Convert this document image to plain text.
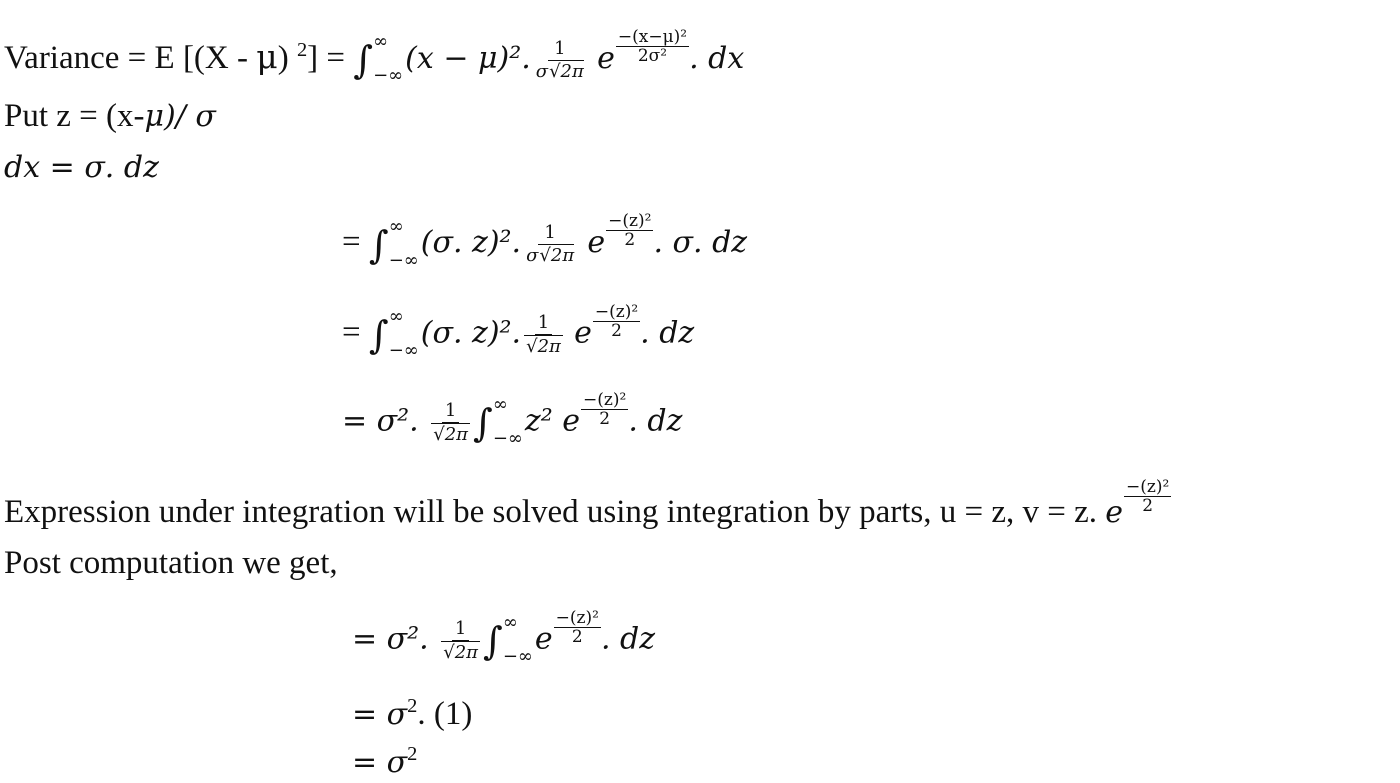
Variance = E [(X - μ) $^2$] = ∫ ∞
−∞ (x − μ)². $\frac{1}{\sigma√2\pi}$ e $\frac{\text{−(x−μ)²}}{\text{2σ²}}$ . dx
Put z = (x-μ)/ σ
dx = σ. dz
= ∫ ∞
−∞ (σ. z)². $\frac{1}{\sigma√2\pi}$ e $\frac{\text{−(z)²}}{2}$ . σ. dz
= ∫ ∞
−∞ (σ. z)². $\frac{1}{√2\pi}$ e $\frac{\text{−(z)²}}{2}$ . dz
= σ². $\frac{1}{√2\pi}$ ∫ ∞
−∞ z² e $\frac{\text{−(z)²}}{2}$ . dz
Expression under integration will be solved using integration by parts, u = z, v = z. e $\frac{\text{−(z)²}}{2}$
Post computation we get,
= σ². $\frac{1}{√2\pi}$ ∫ ∞
−∞ e $\frac{\text{−(z)²}}{2}$ . dz
= $\sigma^2$. (1)
= $\sigma^2$
